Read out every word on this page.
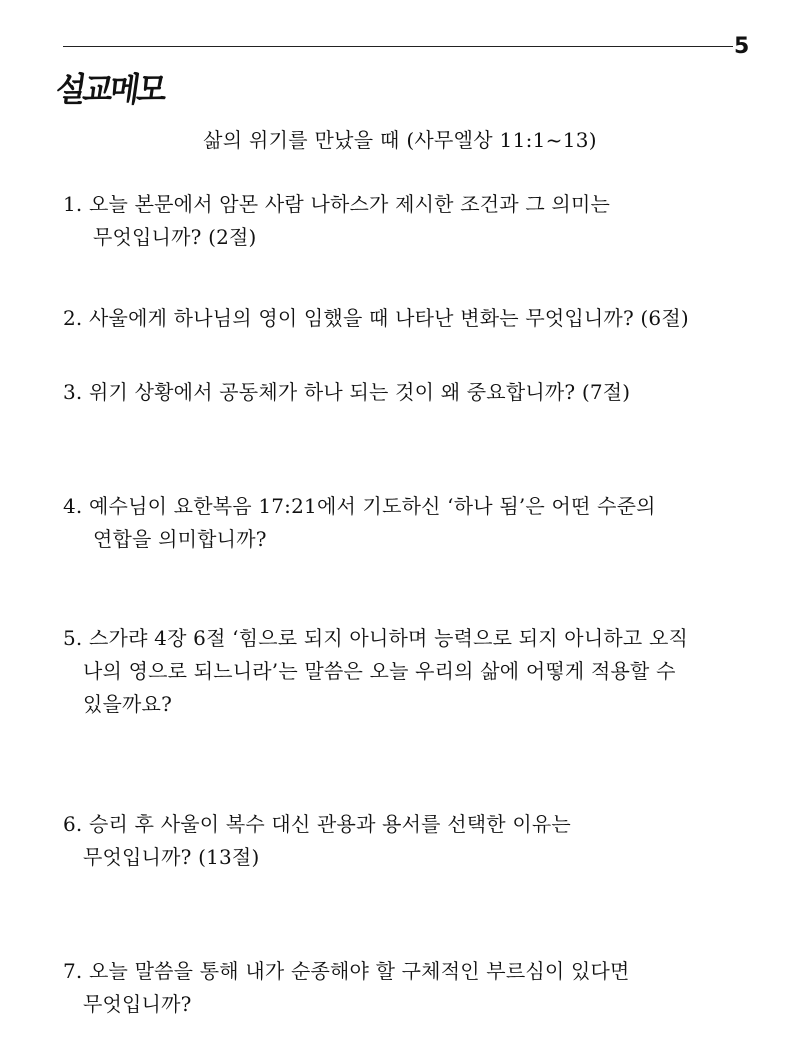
5
설교메모
삶의 위기를 만났을 때 (사무엘상 11:1~13)
1. 오늘 본문에서 암몬 사람 나하스가 제시한 조건과 그 의미는
무엇입니까? (2절)
2. 사울에게 하나님의 영이 임했을 때 나타난 변화는 무엇입니까? (6절)
3. 위기 상황에서 공동체가 하나 되는 것이 왜 중요합니까? (7절)
4. 예수님이 요한복음 17:21에서 기도하신 ‘하나 됨’은 어떤 수준의
연합을 의미합니까?
5. 스가랴 4장 6절 ‘힘으로 되지 아니하며 능력으로 되지 아니하고 오직
나의 영으로 되느니라’는 말씀은 오늘 우리의 삶에 어떻게 적용할 수
있을까요?
6. 승리 후 사울이 복수 대신 관용과 용서를 선택한 이유는
무엇입니까? (13절)
7. 오늘 말씀을 통해 내가 순종해야 할 구체적인 부르심이 있다면
무엇입니까?
